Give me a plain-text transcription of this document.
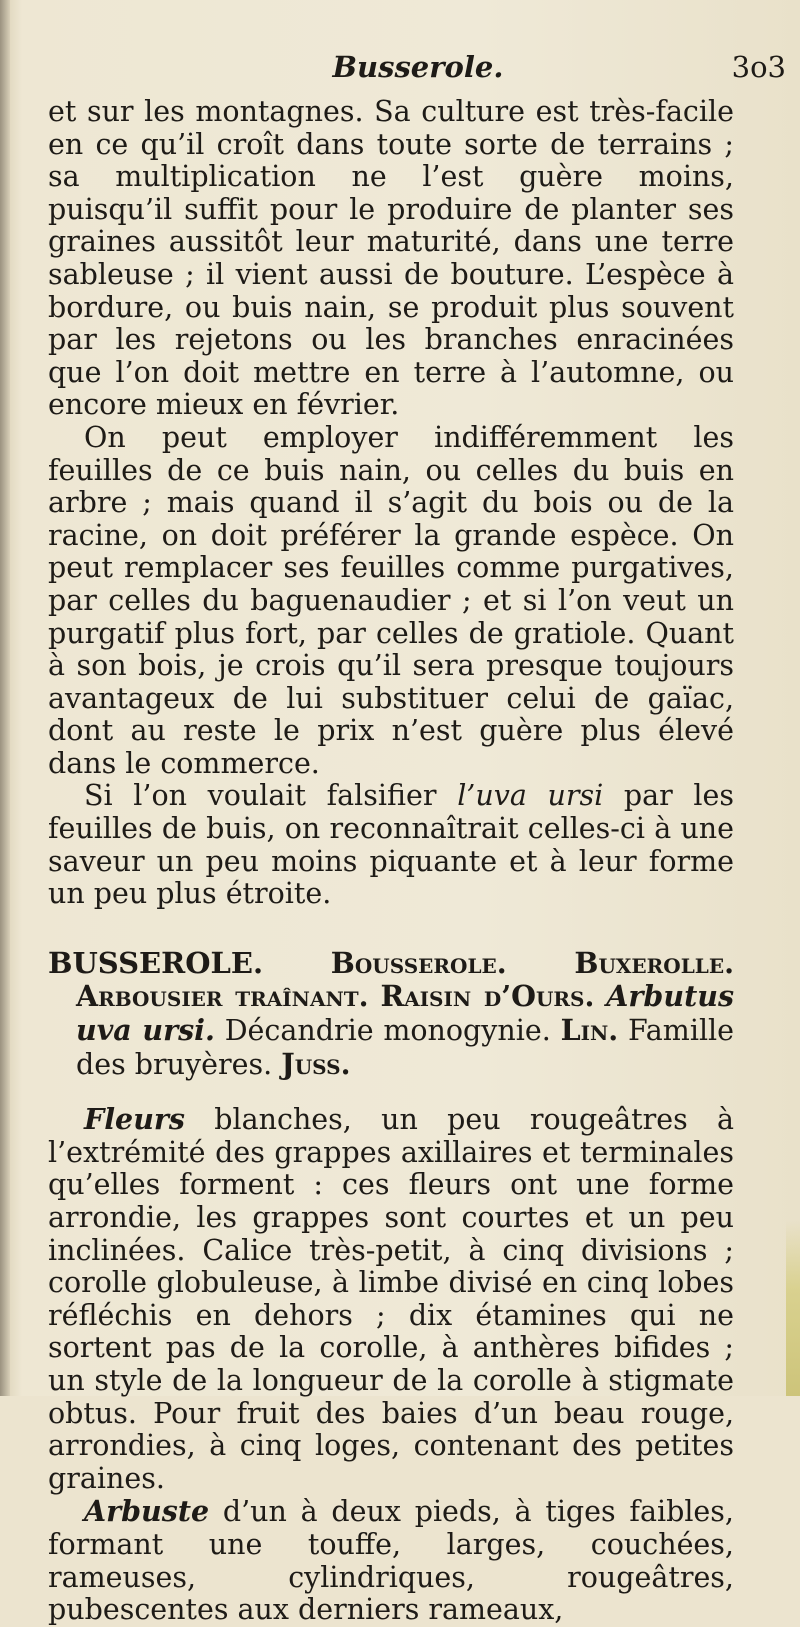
Busserole.	3o3

et sur les montagnes. Sa culture est très-facile en ce qu’il croît dans toute sorte de terrains ; sa multiplication ne l’est guère moins, puisqu’il suffit pour le produire de planter ses graines aussitôt leur maturité, dans une terre sableuse ; il vient aussi de bouture. L’espèce à bordure, ou buis nain, se produit plus souvent par les rejetons ou les branches enracinées que l’on doit mettre en terre à l’automne, ou encore mieux en février.

On peut employer indifféremment les feuilles de ce buis nain, ou celles du buis en arbre ; mais quand il s’agit du bois ou de la racine, on doit préférer la grande espèce. On peut remplacer ses feuilles comme purgatives, par celles du baguenaudier ; et si l’on veut un purgatif plus fort, par celles de gratiole. Quant à son bois, je crois qu’il sera presque toujours avantageux de lui substituer celui de gaïac, dont au reste le prix n’est guère plus élevé dans le commerce.

Si l’on voulait falsifier l’uva ursi par les feuilles de buis, on reconnaîtrait celles-ci à une saveur un peu moins piquante et à leur forme un peu plus étroite.

BUSSEROLE. Bousserole. Buxerolle. Arbousier traînant. Raisin d’Ours. Arbutus uva ursi. Décandrie monogynie. Lin. Famille des bruyères. Juss.

Fleurs blanches, un peu rougeâtres à l’extrémité des grappes axillaires et terminales qu’elles forment : ces fleurs ont une forme arrondie, les grappes sont courtes et un peu inclinées. Calice très-petit, à cinq divisions ; corolle globuleuse, à limbe divisé en cinq lobes réfléchis en dehors ; dix étamines qui ne sortent pas de la corolle, à anthères bifides ; un style de la longueur de la corolle à stigmate obtus. Pour fruit des baies d’un beau rouge, arrondies, à cinq loges, contenant des petites graines.

Arbuste d’un à deux pieds, à tiges faibles, formant une touffe, larges, couchées, rameuses, cylindriques, rougeâtres, pubescentes aux derniers rameaux,
